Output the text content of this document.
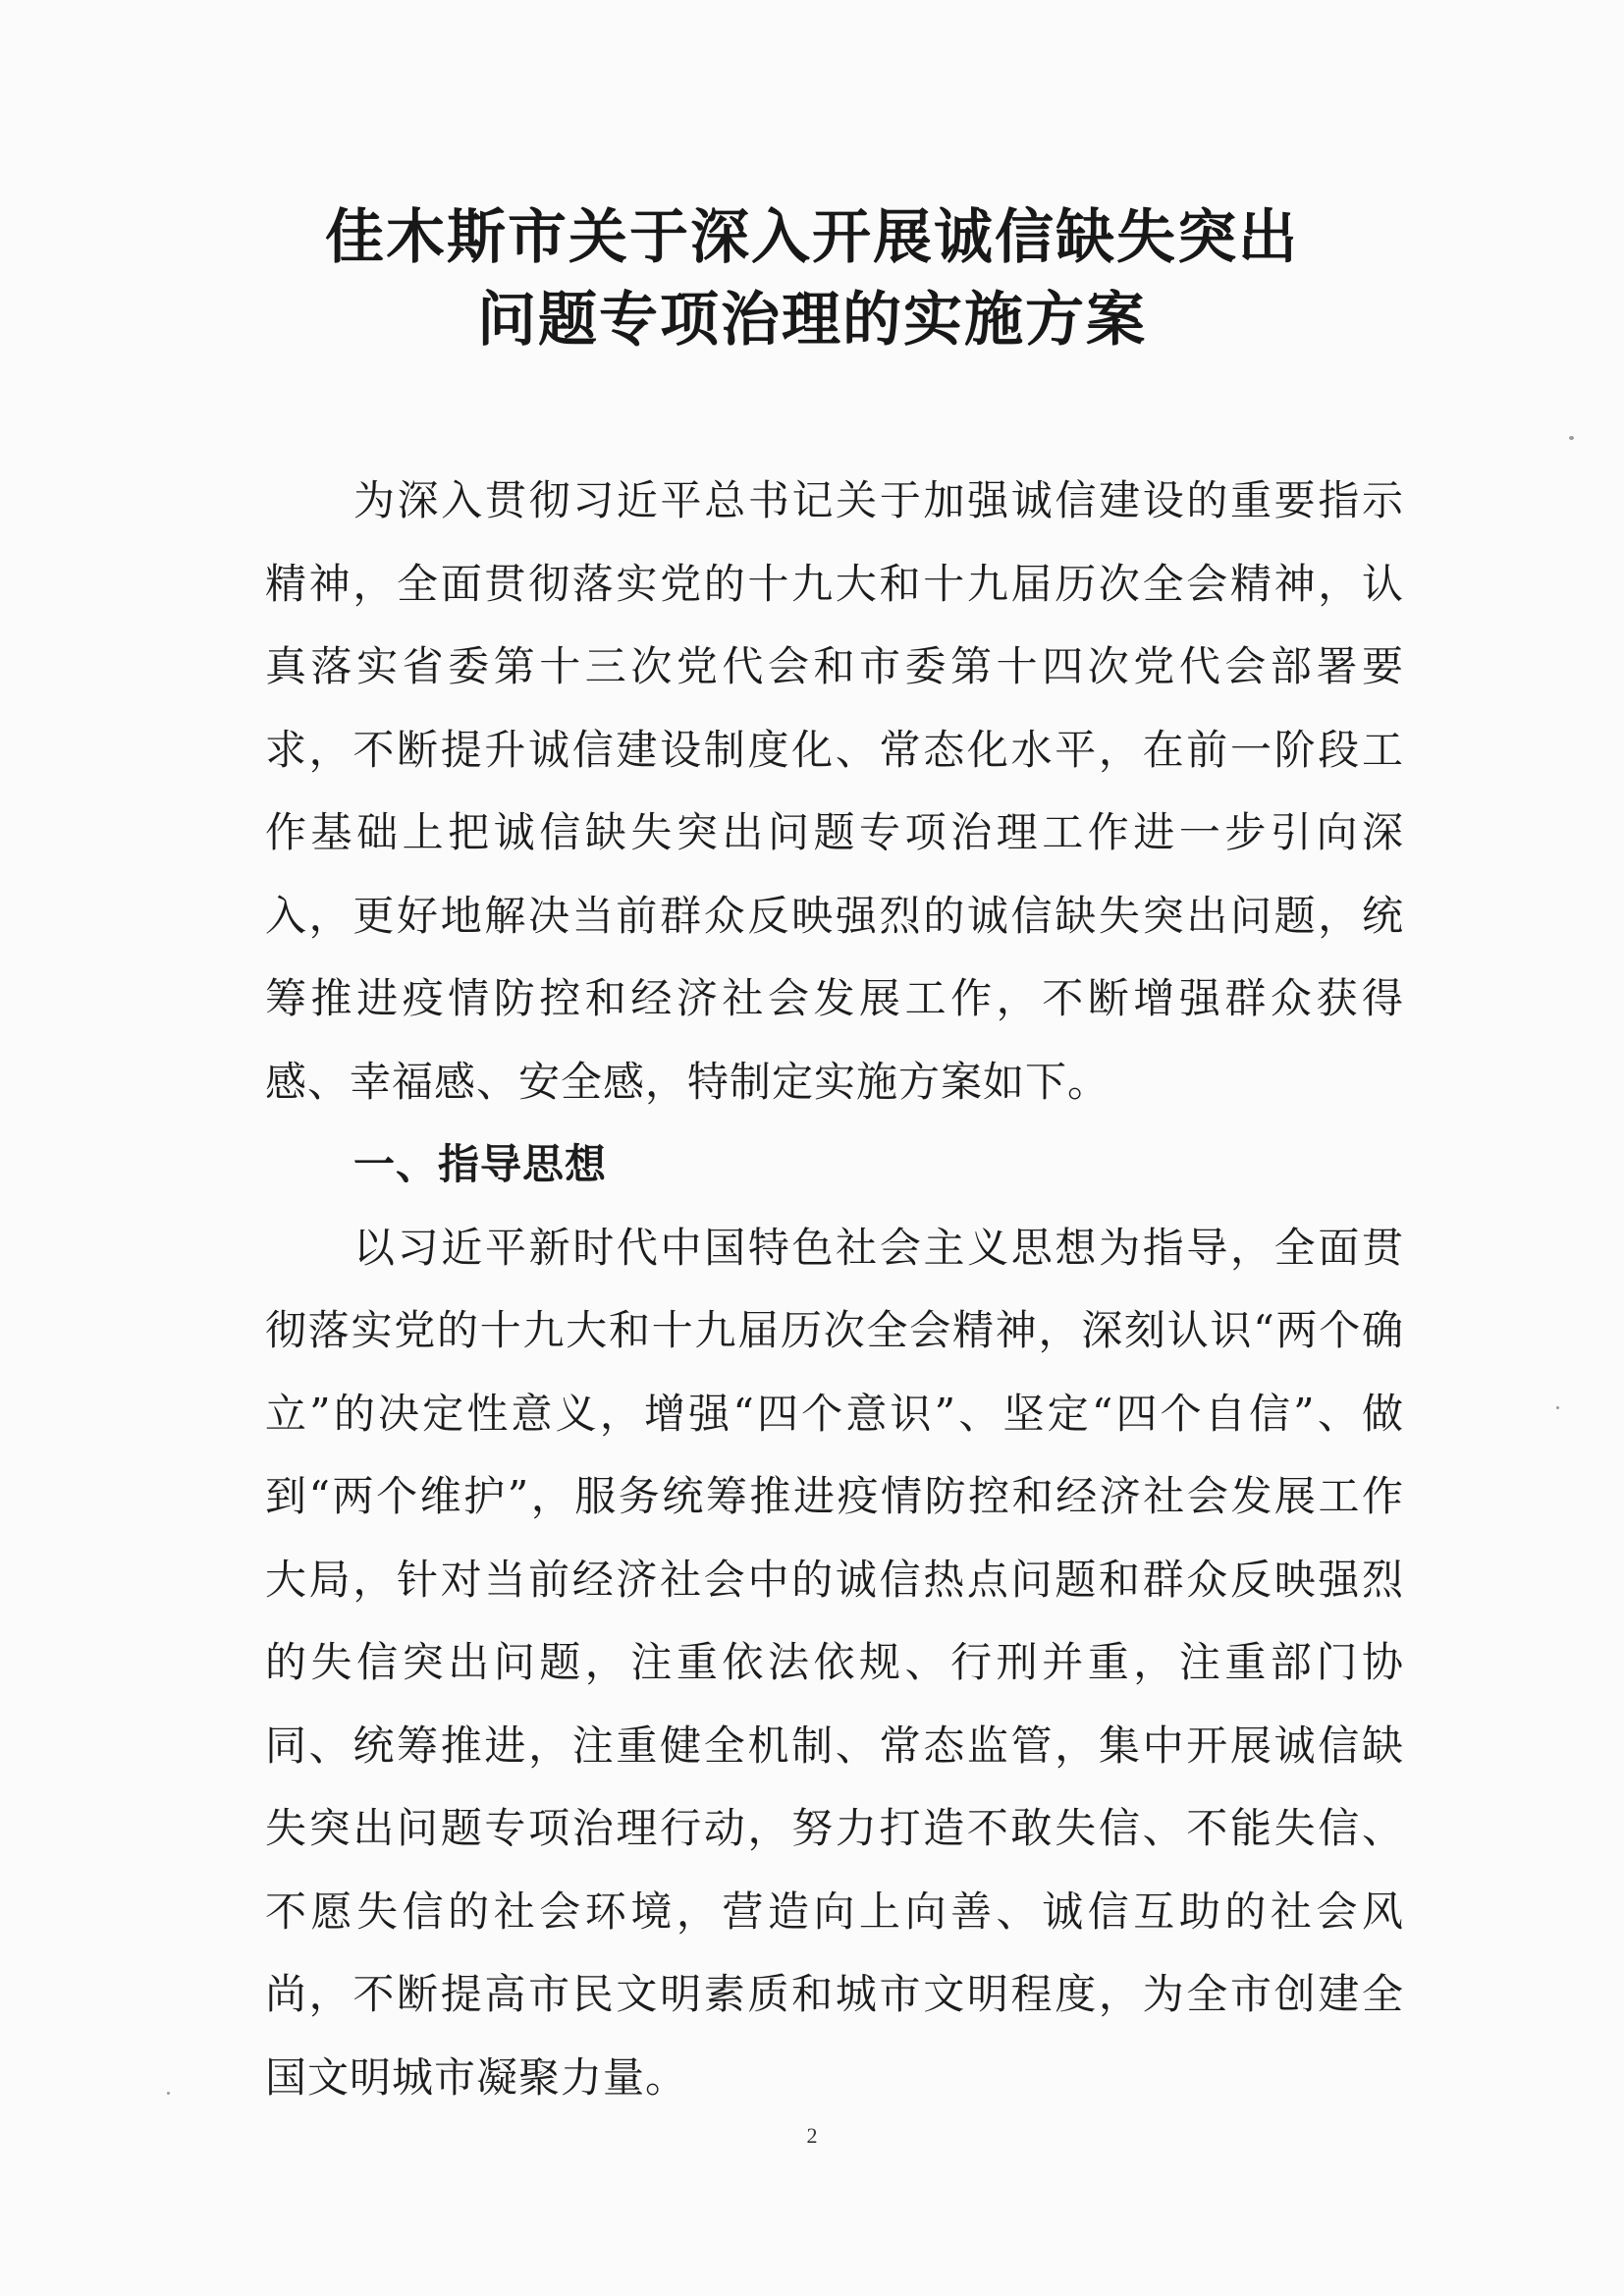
佳木斯市关于深入开展诚信缺失突出
问题专项治理的实施方案

为深入贯彻习近平总书记关于加强诚信建设的重要指示精神，全面贯彻落实党的十九大和十九届历次全会精神，认真落实省委第十三次党代会和市委第十四次党代会部署要求，不断提升诚信建设制度化、常态化水平，在前一阶段工作基础上把诚信缺失突出问题专项治理工作进一步引向深入，更好地解决当前群众反映强烈的诚信缺失突出问题，统筹推进疫情防控和经济社会发展工作，不断增强群众获得感、幸福感、安全感，特制定实施方案如下。

一、指导思想

以习近平新时代中国特色社会主义思想为指导，全面贯彻落实党的十九大和十九届历次全会精神，深刻认识“两个确立”的决定性意义，增强“四个意识”、坚定“四个自信”、做到“两个维护”，服务统筹推进疫情防控和经济社会发展工作大局，针对当前经济社会中的诚信热点问题和群众反映强烈的失信突出问题，注重依法依规、行刑并重，注重部门协同、统筹推进，注重健全机制、常态监管，集中开展诚信缺失突出问题专项治理行动，努力打造不敢失信、不能失信、不愿失信的社会环境，营造向上向善、诚信互助的社会风尚，不断提高市民文明素质和城市文明程度，为全市创建全国文明城市凝聚力量。

2
